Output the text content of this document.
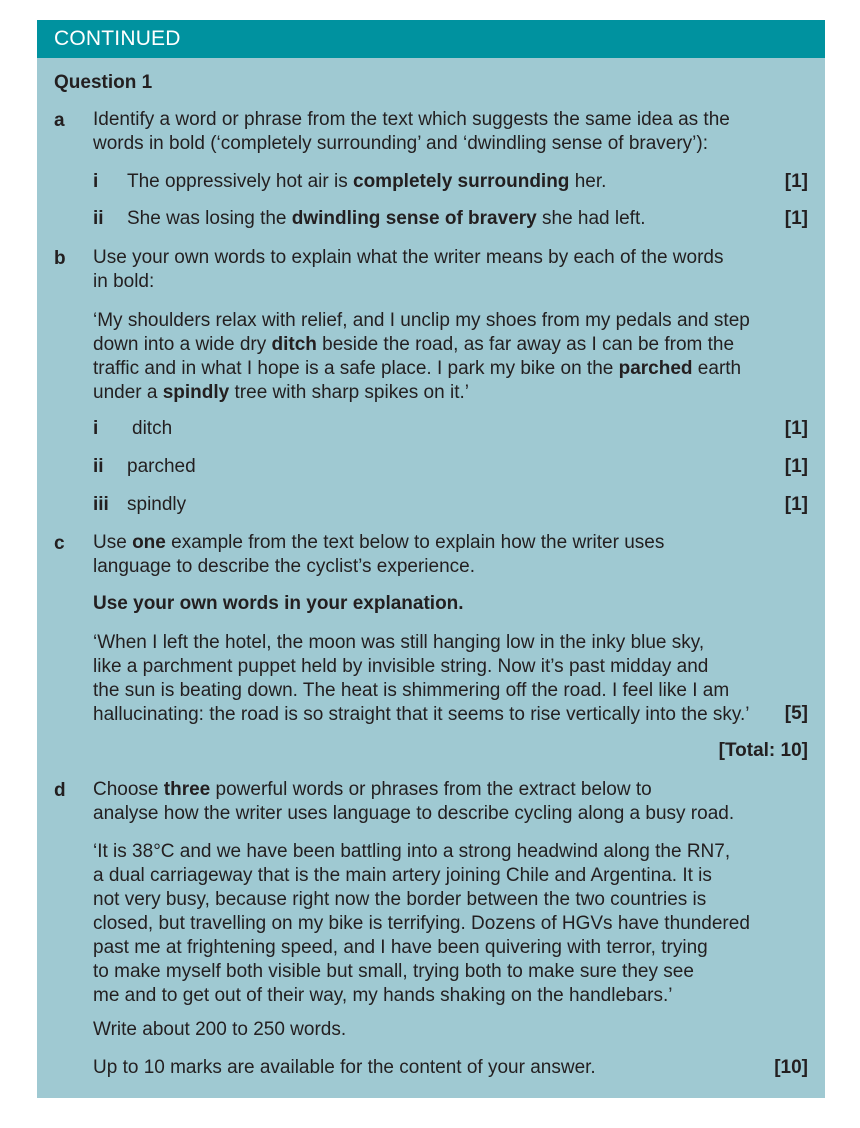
CONTINUED
Question 1
a Identify a word or phrase from the text which suggests the same idea as the
words in bold (‘completely surrounding’ and ‘dwindling sense of bravery’):
i The oppressively hot air is completely surrounding her.	[1]
ii She was losing the dwindling sense of bravery she had left.	[1]
b Use your own words to explain what the writer means by each of the words
in bold:
‘My shoulders relax with relief, and I unclip my shoes from my pedals and step
down into a wide dry ditch beside the road, as far away as I can be from the
traffic and in what I hope is a safe place. I park my bike on the parched earth
under a spindly tree with sharp spikes on it.’
i ditch	[1]
ii parched	[1]
iii spindly	[1]
c Use one example from the text below to explain how the writer uses
language to describe the cyclist’s experience.
Use your own words in your explanation.
‘When I left the hotel, the moon was still hanging low in the inky blue sky,
like a parchment puppet held by invisible string. Now it’s past midday and
the sun is beating down. The heat is shimmering off the road. I feel like I am
hallucinating: the road is so straight that it seems to rise vertically into the sky.’	[5]
[Total: 10]
d Choose three powerful words or phrases from the extract below to
analyse how the writer uses language to describe cycling along a busy road.
‘It is 38°C and we have been battling into a strong headwind along the RN7,
a dual carriageway that is the main artery joining Chile and Argentina. It is
not very busy, because right now the border between the two countries is
closed, but travelling on my bike is terrifying. Dozens of HGVs have thundered
past me at frightening speed, and I have been quivering with terror, trying
to make myself both visible but small, trying both to make sure they see
me and to get out of their way, my hands shaking on the handlebars.’
Write about 200 to 250 words.
Up to 10 marks are available for the content of your answer.	[10]
